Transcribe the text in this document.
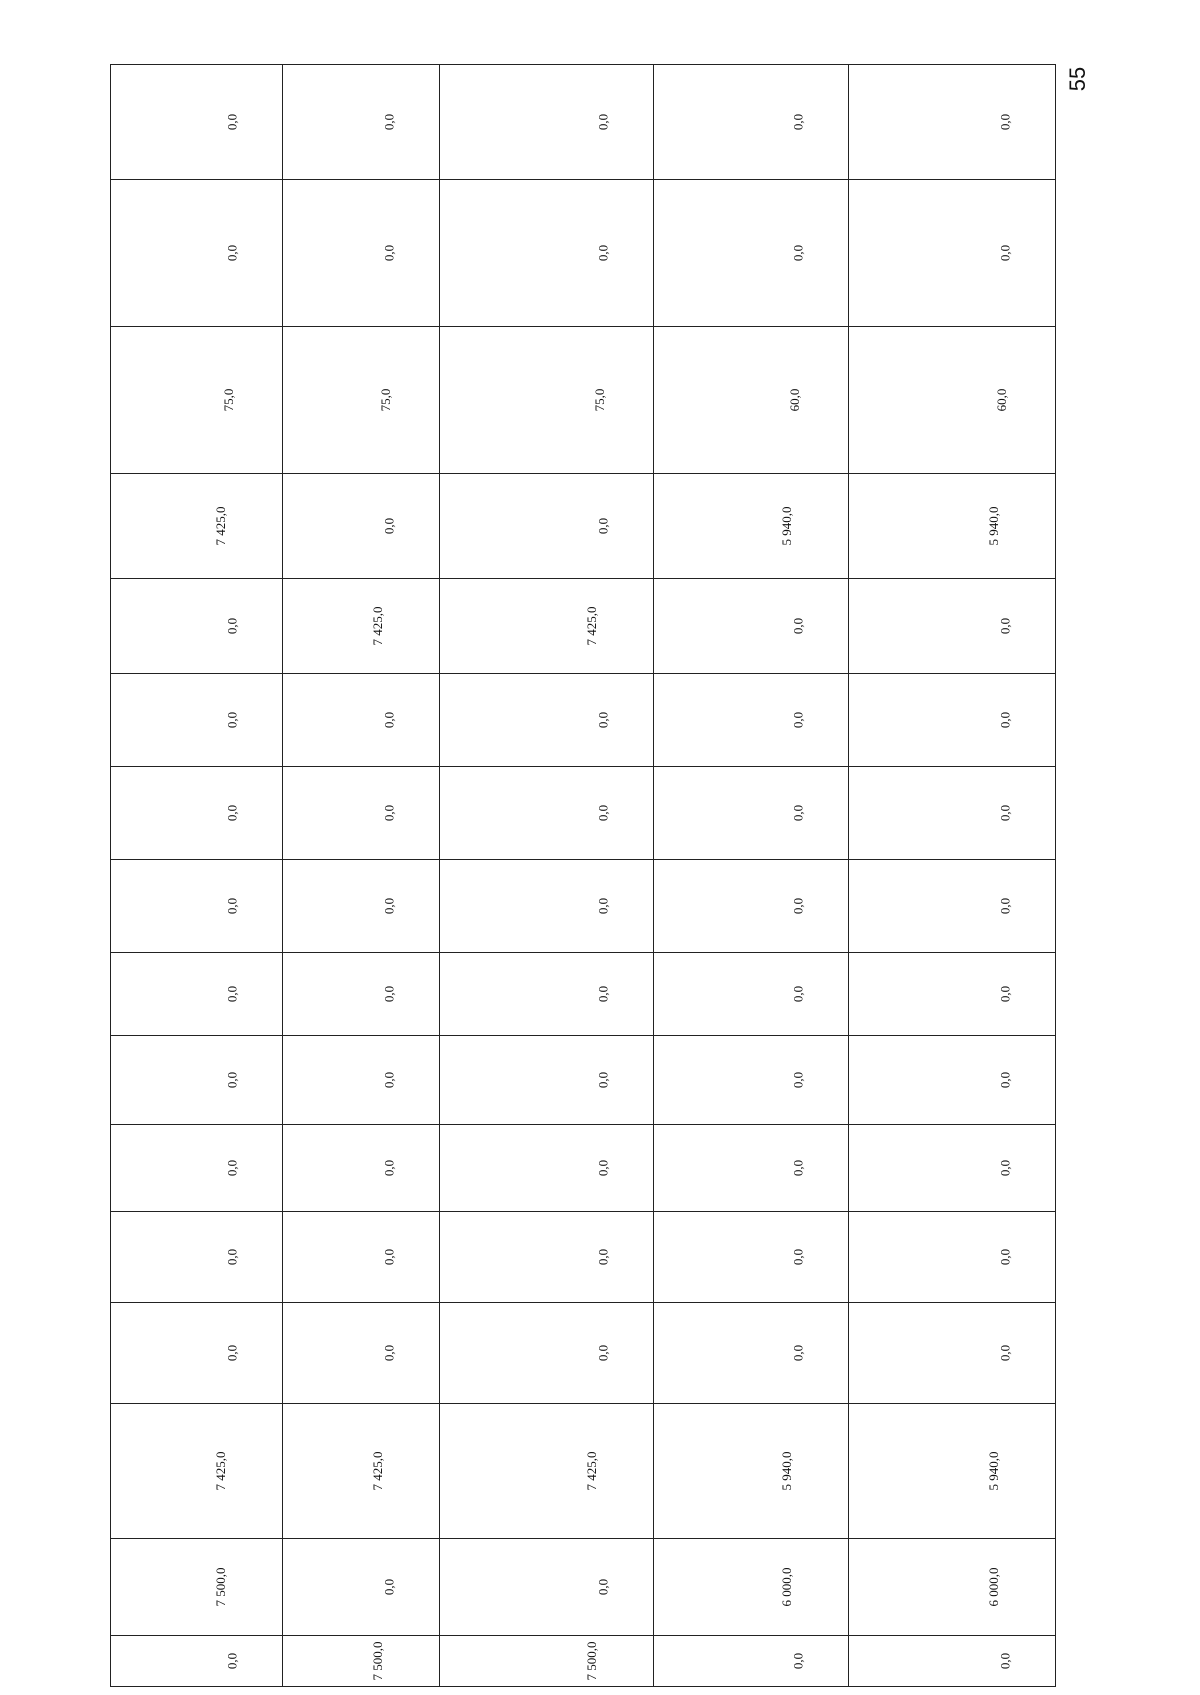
55
0,0	0,0	0,0	0,0	0,0

0,0	0,0	0,0	0,0	0,0

75,0	75,0	75,0	60,0	60,0

7 425,0	0,0	0,0	5 940,0	5 940,0

0,0	7 425,0	7 425,0	0,0	0,0

0,0	0,0	0,0	0,0	0,0

0,0	0,0	0,0	0,0	0,0

0,0	0,0	0,0	0,0	0,0

0,0	0,0	0,0	0,0	0,0

0,0	0,0	0,0	0,0	0,0

0,0	0,0	0,0	0,0	0,0

0,0	0,0	0,0	0,0	0,0

0,0	0,0	0,0	0,0	0,0

7 425,0	7 425,0	7 425,0	5 940,0	5 940,0

7 500,0	0,0	0,0	6 000,0	6 000,0

0,0	7 500,0	7 500,0	0,0	0,0
